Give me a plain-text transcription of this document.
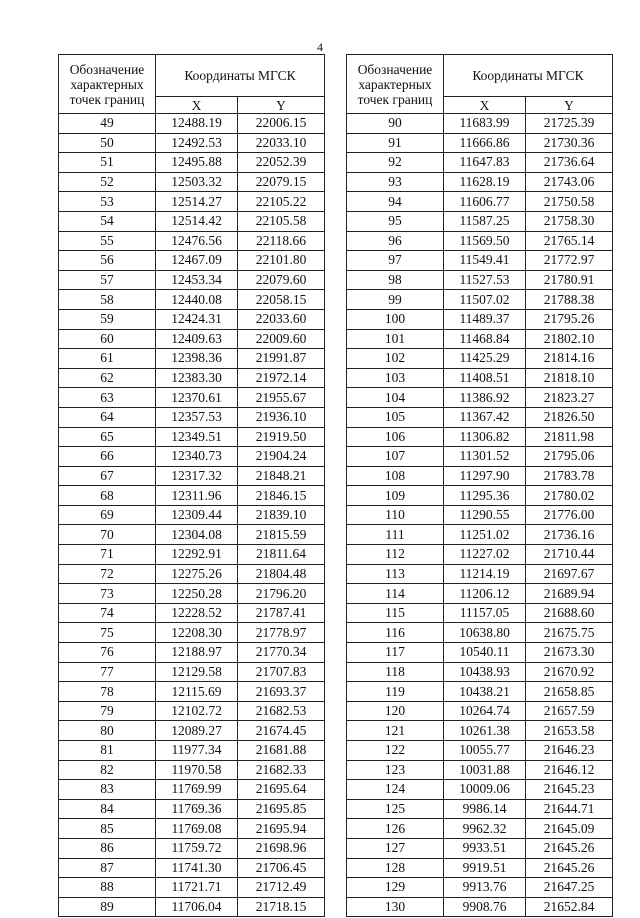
4
Обозначение характерных точек границ	Координаты МГСК	
	X	Y
49	12488.19	22006.15
50	12492.53	22033.10
51	12495.88	22052.39
52	12503.32	22079.15
53	12514.27	22105.22
54	12514.42	22105.58
55	12476.56	22118.66
56	12467.09	22101.80
57	12453.34	22079.60
58	12440.08	22058.15
59	12424.31	22033.60
60	12409.63	22009.60
61	12398.36	21991.87
62	12383.30	21972.14
63	12370.61	21955.67
64	12357.53	21936.10
65	12349.51	21919.50
66	12340.73	21904.24
67	12317.32	21848.21
68	12311.96	21846.15
69	12309.44	21839.10
70	12304.08	21815.59
71	12292.91	21811.64
72	12275.26	21804.48
73	12250.28	21796.20
74	12228.52	21787.41
75	12208.30	21778.97
76	12188.97	21770.34
77	12129.58	21707.83
78	12115.69	21693.37
79	12102.72	21682.53
80	12089.27	21674.45
81	11977.34	21681.88
82	11970.58	21682.33
83	11769.99	21695.64
84	11769.36	21695.85
85	11769.08	21695.94
86	11759.72	21698.96
87	11741.30	21706.45
88	11721.71	21712.49
89	11706.04	21718.15
Обозначение характерных точек границ	Координаты МГСК	
	X	Y
90	11683.99	21725.39
91	11666.86	21730.36
92	11647.83	21736.64
93	11628.19	21743.06
94	11606.77	21750.58
95	11587.25	21758.30
96	11569.50	21765.14
97	11549.41	21772.97
98	11527.53	21780.91
99	11507.02	21788.38
100	11489.37	21795.26
101	11468.84	21802.10
102	11425.29	21814.16
103	11408.51	21818.10
104	11386.92	21823.27
105	11367.42	21826.50
106	11306.82	21811.98
107	11301.52	21795.06
108	11297.90	21783.78
109	11295.36	21780.02
110	11290.55	21776.00
111	11251.02	21736.16
112	11227.02	21710.44
113	11214.19	21697.67
114	11206.12	21689.94
115	11157.05	21688.60
116	10638.80	21675.75
117	10540.11	21673.30
118	10438.93	21670.92
119	10438.21	21658.85
120	10264.74	21657.59
121	10261.38	21653.58
122	10055.77	21646.23
123	10031.88	21646.12
124	10009.06	21645.23
125	9986.14	21644.71
126	9962.32	21645.09
127	9933.51	21645.26
128	9919.51	21645.26
129	9913.76	21647.25
130	9908.76	21652.84
